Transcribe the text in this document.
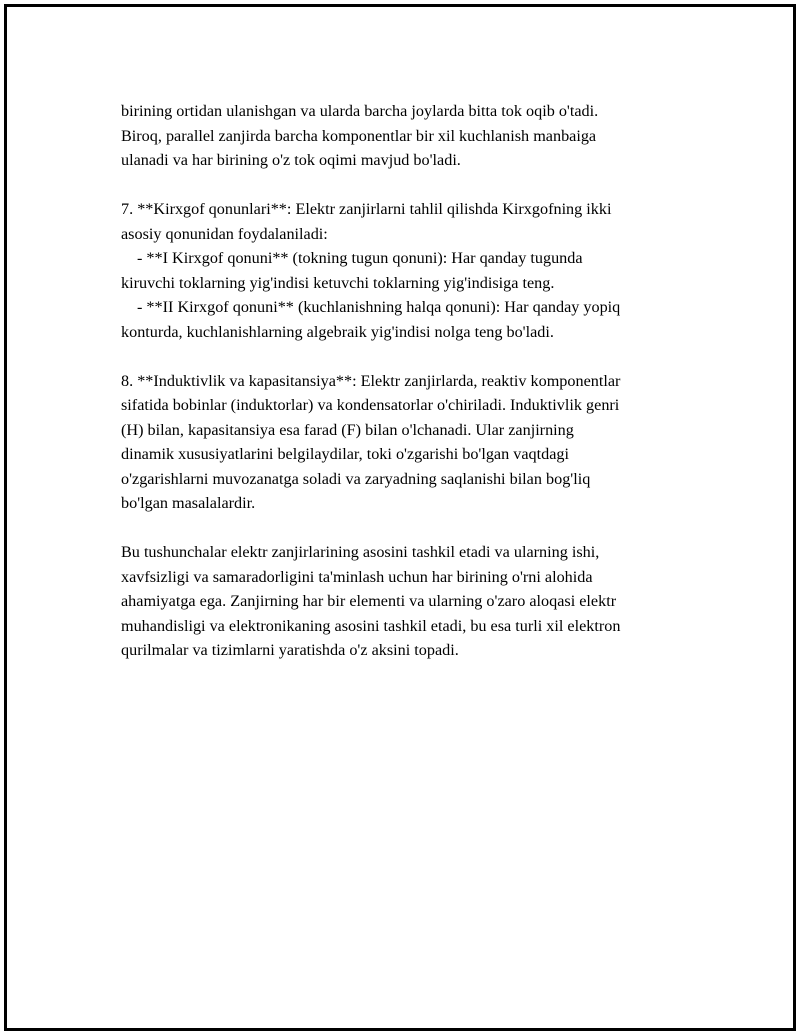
birining ortidan ulanishgan va ularda barcha joylarda bitta tok oqib o'tadi.
Biroq, parallel zanjirda barcha komponentlar bir xil kuchlanish manbaiga
ulanadi va har birining o'z tok oqimi mavjud bo'ladi.

7. **Kirxgof qonunlari**: Elektr zanjirlarni tahlil qilishda Kirxgofning ikki
asosiy qonunidan foydalaniladi:
- **I Kirxgof qonuni** (tokning tugun qonuni): Har qanday tugunda
kiruvchi toklarning yig'indisi ketuvchi toklarning yig'indisiga teng.
- **II Kirxgof qonuni** (kuchlanishning halqa qonuni): Har qanday yopiq
konturda, kuchlanishlarning algebraik yig'indisi nolga teng bo'ladi.

8. **Induktivlik va kapasitansiya**: Elektr zanjirlarda, reaktiv komponentlar
sifatida bobinlar (induktorlar) va kondensatorlar o'chiriladi. Induktivlik genri
(H) bilan, kapasitansiya esa farad (F) bilan o'lchanadi. Ular zanjirning
dinamik xususiyatlarini belgilaydilar, toki o'zgarishi bo'lgan vaqtdagi
o'zgarishlarni muvozanatga soladi va zaryadning saqlanishi bilan bog'liq
bo'lgan masalalardir.

Bu tushunchalar elektr zanjirlarining asosini tashkil etadi va ularning ishi,
xavfsizligi va samaradorligini ta'minlash uchun har birining o'rni alohida
ahamiyatga ega. Zanjirning har bir elementi va ularning o'zaro aloqasi elektr
muhandisligi va elektronikaning asosini tashkil etadi, bu esa turli xil elektron
qurilmalar va tizimlarni yaratishda o'z aksini topadi.
